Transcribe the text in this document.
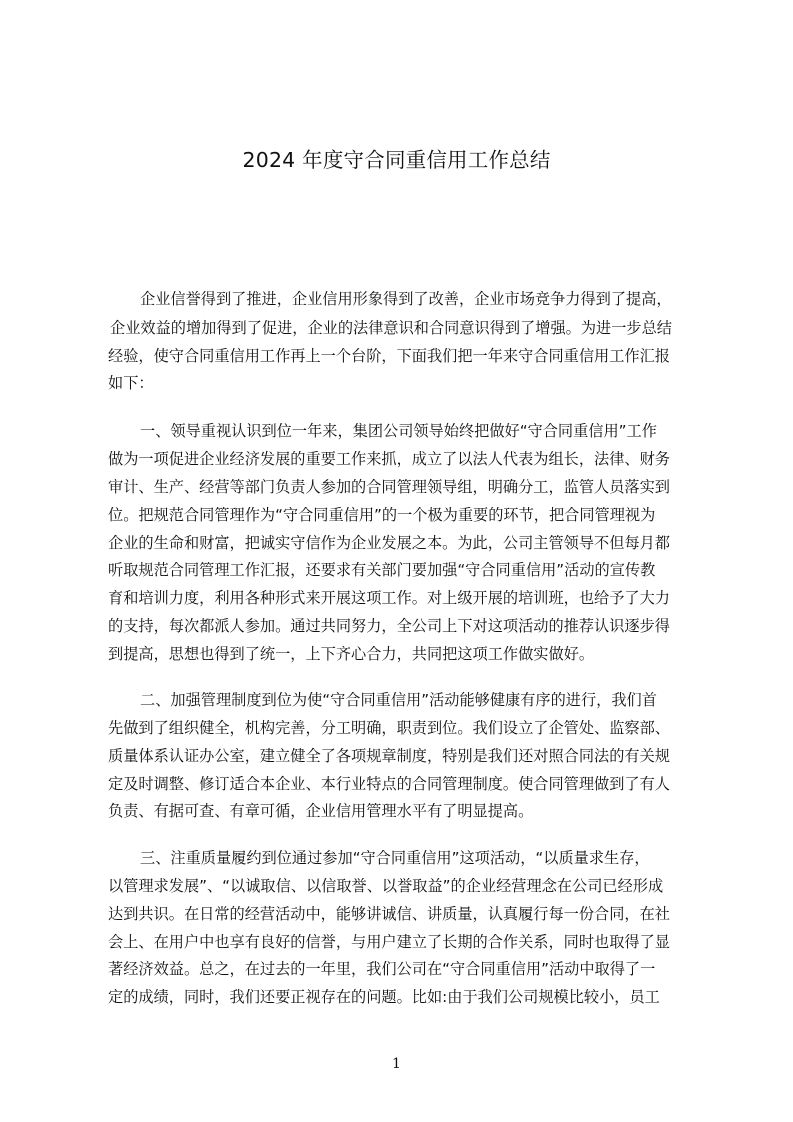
2024 年度守合同重信用工作总结
企业信誉得到了推进，企业信用形象得到了改善，企业市场竞争力得到了提高，
企业效益的增加得到了促进，企业的法律意识和合同意识得到了增强。为进一步总结
经验，使守合同重信用工作再上一个台阶，下面我们把一年来守合同重信用工作汇报
如下：
一、领导重视认识到位一年来，集团公司领导始终把做好“守合同重信用”工作
做为一项促进企业经济发展的重要工作来抓，成立了以法人代表为组长，法律、财务
审计、生产、经营等部门负责人参加的合同管理领导组，明确分工，监管人员落实到
位。把规范合同管理作为“守合同重信用”的一个极为重要的环节，把合同管理视为
企业的生命和财富，把诚实守信作为企业发展之本。为此，公司主管领导不但每月都
听取规范合同管理工作汇报，还要求有关部门要加强“守合同重信用”活动的宣传教
育和培训力度，利用各种形式来开展这项工作。对上级开展的培训班，也给予了大力
的支持，每次都派人参加。通过共同努力，全公司上下对这项活动的推荐认识逐步得
到提高，思想也得到了统一，上下齐心合力，共同把这项工作做实做好。
二、加强管理制度到位为使“守合同重信用”活动能够健康有序的进行，我们首
先做到了组织健全，机构完善，分工明确，职责到位。我们设立了企管处、监察部、
质量体系认证办公室，建立健全了各项规章制度，特别是我们还对照合同法的有关规
定及时调整、修订适合本企业、本行业特点的合同管理制度。使合同管理做到了有人
负责、有据可查、有章可循，企业信用管理水平有了明显提高。
三、注重质量履约到位通过参加“守合同重信用”这项活动，“以质量求生存，
以管理求发展”、“以诚取信、以信取誉、以誉取益”的企业经营理念在公司已经形成
达到共识。在日常的经营活动中，能够讲诚信、讲质量，认真履行每一份合同，在社
会上、在用户中也享有良好的信誉，与用户建立了长期的合作关系，同时也取得了显
著经济效益。总之，在过去的一年里，我们公司在“守合同重信用”活动中取得了一
定的成绩，同时，我们还要正视存在的问题。比如:由于我们公司规模比较小，员工
1
